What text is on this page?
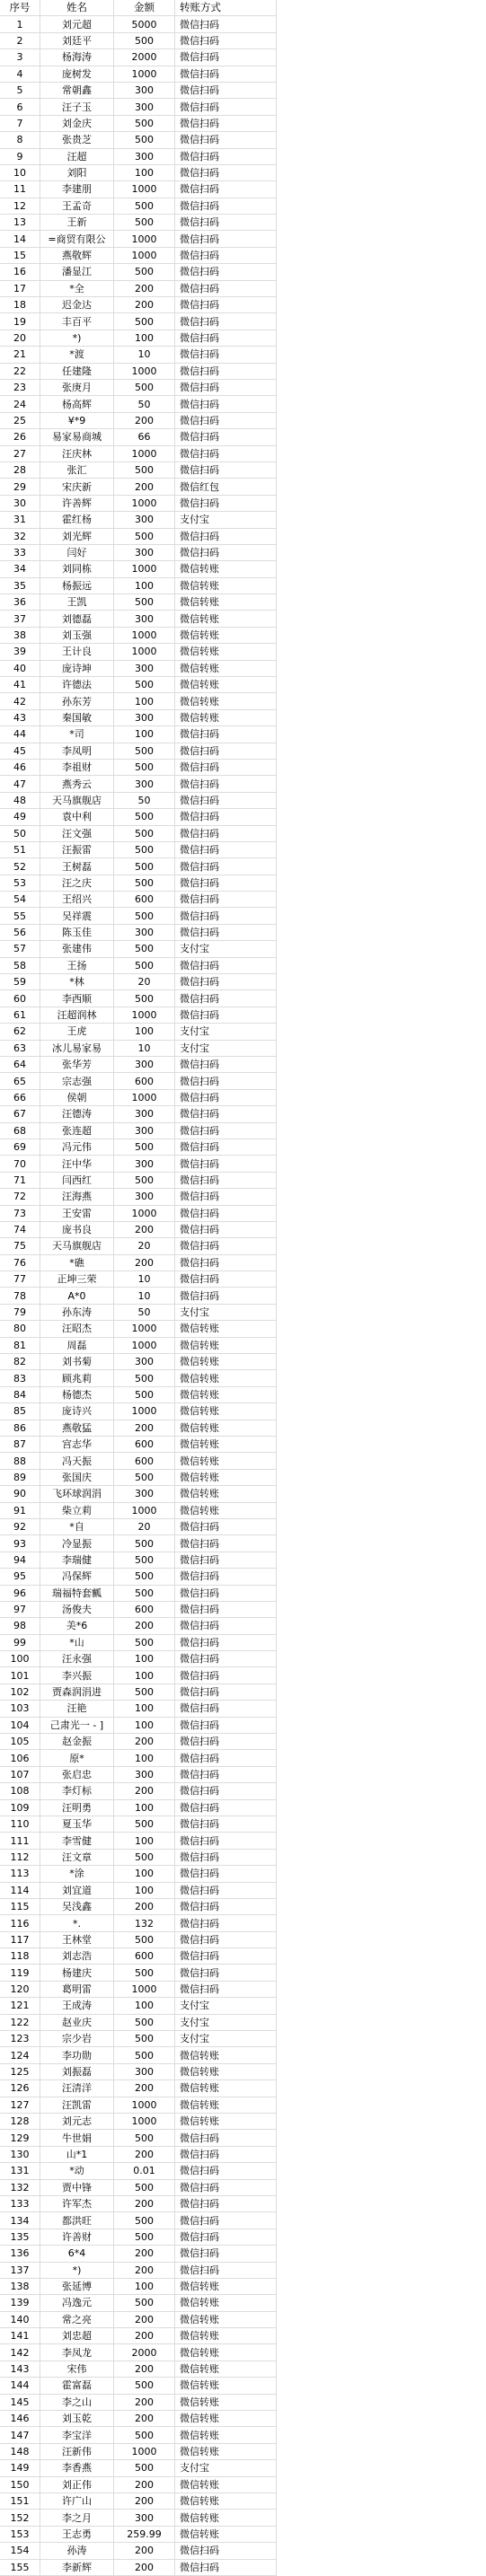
序号	姓名	金额	转账方式
1	刘元超	5000	微信扫码
2	刘廷平	500	微信扫码
3	杨海涛	2000	微信扫码
4	庞树发	1000	微信扫码
5	常朝鑫	300	微信扫码
6	汪子玉	300	微信扫码
7	刘金庆	500	微信扫码
8	张贵芝	500	微信扫码
9	汪超	300	微信扫码
10	刘阳	100	微信扫码
11	李建朋	1000	微信扫码
12	王孟奇	500	微信扫码
13	王新	500	微信扫码
14	=商贸有限公	1000	微信扫码
15	燕敬辉	1000	微信扫码
16	潘显江	500	微信扫码
17	*全	200	微信扫码
18	迟金达	200	微信扫码
19	丰百平	500	微信扫码
20	*)	100	微信扫码
21	*渡	10	微信扫码
22	任建隆	1000	微信扫码
23	张庚月	500	微信扫码
24	杨高辉	50	微信扫码
25	¥*9	200	微信扫码
26	易家易商城	66	微信扫码
27	汪庆林	1000	微信扫码
28	张汇	500	微信扫码
29	宋庆新	200	微信红包
30	许善辉	1000	微信扫码
31	霍红杨	300	支付宝
32	刘光辉	500	微信扫码
33	闫好	300	微信扫码
34	刘同栋	1000	微信转账
35	杨振远	100	微信转账
36	王凯	500	微信转账
37	刘德磊	300	微信转账
38	刘玉强	1000	微信转账
39	王计良	1000	微信转账
40	庞诗坤	300	微信转账
41	许德法	500	微信转账
42	孙东芳	100	微信转账
43	秦国敏	300	微信转账
44	*司	100	微信扫码
45	李凤明	500	微信扫码
46	李祖财	500	微信扫码
47	燕秀云	300	微信扫码
48	天马旗舰店	50	微信扫码
49	袁中利	500	微信扫码
50	汪文强	500	微信扫码
51	汪振雷	500	微信扫码
52	王树磊	500	微信扫码
53	汪之庆	500	微信扫码
54	王绍兴	600	微信扫码
55	吴祥震	500	微信扫码
56	陈玉佳	300	微信扫码
57	张建伟	500	支付宝
58	王扬	500	微信扫码
59	*林	20	微信扫码
60	李西顺	500	微信扫码
61	汪超润林	1000	微信扫码
62	王虎	100	支付宝
63	冰儿易家易	10	支付宝
64	张华芳	300	微信扫码
65	宗志强	600	微信扫码
66	侯朝	1000	微信扫码
67	汪德涛	300	微信扫码
68	张连超	300	微信扫码
69	冯元伟	500	微信扫码
70	汪中华	300	微信扫码
71	闫西红	500	微信扫码
72	汪海燕	300	微信扫码
73	王安雷	1000	微信扫码
74	庞书良	200	微信扫码
75	天马旗舰店	20	微信扫码
76	*礁	200	微信扫码
77	正坤三荣	10	微信扫码
78	A*0	10	微信扫码
79	孙东涛	50	支付宝
80	汪昭杰	1000	微信转账
81	周磊	1000	微信转账
82	刘书菊	300	微信转账
83	顾兆莉	500	微信转账
84	杨德杰	500	微信转账
85	庞诗兴	1000	微信转账
86	燕敬猛	200	微信转账
87	宫志华	600	微信转账
88	冯天振	600	微信转账
89	张国庆	500	微信转账
90	飞环球润涓	300	微信转账
91	柴立莉	1000	微信转账
92	*自	20	微信扫码
93	冷显振	500	微信扫码
94	李瑞健	500	微信扫码
95	冯保辉	500	微信扫码
96	瑞福特套瓤	500	微信扫码
97	汤俊夫	600	微信扫码
98	美*6	200	微信扫码
99	*山	500	微信扫码
100	汪永强	100	微信扫码
101	李兴振	100	微信扫码
102	贾森润涓进	500	微信扫码
103	汪艳	100	微信扫码
104	己肃光一 - ]	100	微信扫码
105	赵金振	200	微信扫码
106	原*	100	微信扫码
107	张启忠	300	微信扫码
108	李灯标	200	微信扫码
109	汪明勇	100	微信扫码
110	夏玉华	500	微信扫码
111	李雪健	100	微信扫码
112	汪文章	500	微信扫码
113	*涂	100	微信扫码
114	刘宜道	100	微信扫码
115	吴浅鑫	200	微信扫码
116	*.	132	微信扫码
117	王林堂	500	微信扫码
118	刘志浩	600	微信扫码
119	杨建庆	500	微信扫码
120	葛明雷	1000	微信扫码
121	王成涛	100	支付宝
122	赵业庆	500	支付宝
123	宗少岩	500	支付宝
124	李功勋	500	微信转账
125	刘振磊	300	微信转账
126	汪清洋	200	微信转账
127	汪凯雷	1000	微信转账
128	刘元志	1000	微信转账
129	牛世娟	500	微信扫码
130	山*1	200	微信扫码
131	*动	0.01	微信扫码
132	贾中锋	500	微信扫码
133	许军杰	200	微信扫码
134	都洪旺	500	微信扫码
135	许善财	500	微信扫码
136	6*4	200	微信扫码
137	*)	200	微信扫码
138	张延博	100	微信转账
139	冯逸元	500	微信转账
140	常之亮	200	微信转账
141	刘忠超	200	微信转账
142	李凤龙	2000	微信转账
143	宋伟	200	微信转账
144	霍富磊	500	微信转账
145	李之山	200	微信转账
146	刘玉乾	200	微信转账
147	李宝洋	500	微信转账
148	汪新伟	1000	微信转账
149	李香燕	500	支付宝
150	刘正伟	200	微信转账
151	许广山	200	微信转账
152	李之月	300	微信转账
153	王志勇	259.99	微信转账
154	孙涛	200	微信扫码
155	李新辉	200	微信扫码
